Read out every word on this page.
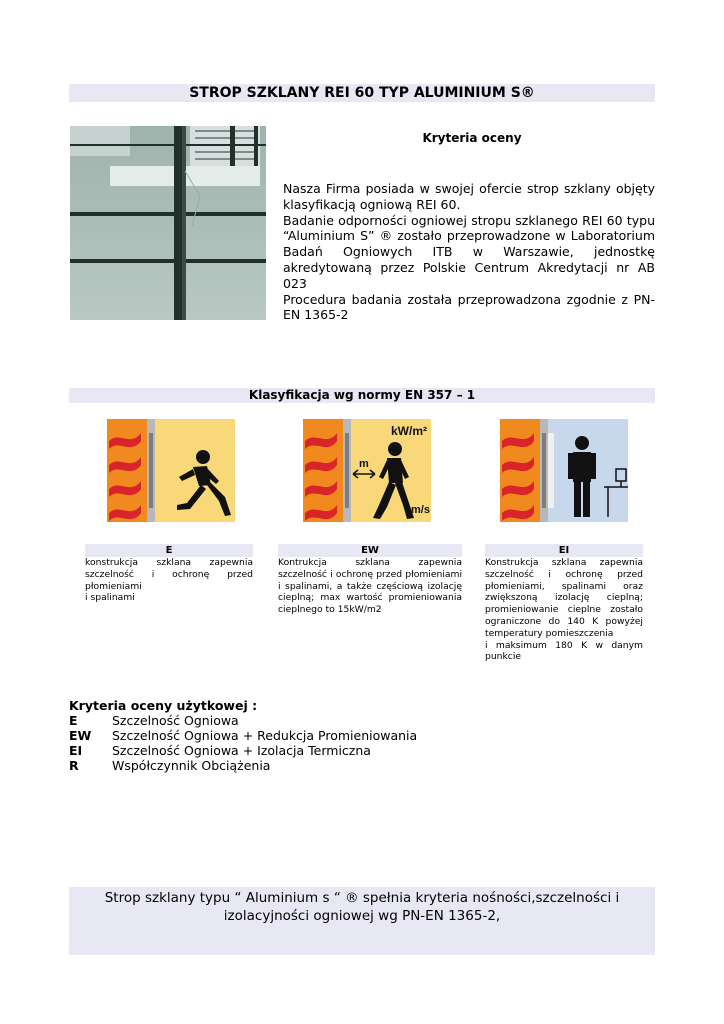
STROP SZKLANY REI 60 TYP ALUMINIUM S®
Kryteria oceny

Nasza Firma posiada w swojej ofercie strop szklany objęty klasyfikacją ogniową REI 60.

Badanie odporności ogniowej stropu szklanego REI 60 typu “Aluminium S” ® zostało przeprowadzone w Laboratorium Badań Ogniowych ITB w Warszawie, jednostkę akredytowaną przez Polskie Centrum Akredytacji nr AB 023

Procedura badania została przeprowadzona zgodnie z PN-EN 1365-2

Klasyfikacja wg normy EN 357 – 1
kW/m²
m
m/s
E
konstrukcja szklana zapewnia szczelność i ochronę przed płomieniami
i spalinami
EW
Kontrukcja szklana zapewnia szczelność i ochronę przed płomieniami i spalinami, a także częściową izolację cieplną; max wartość promieniowania cieplnego to 15kW/m2
EI
Konstrukcja szklana zapewnia szczelność i ochronę przed płomieniami, spalinami oraz zwiększoną izolację cieplną; promieniowanie cieplne zostało ograniczone do 140 K powyżej temperatury pomieszczenia
i maksimum 180 K w danym punkcie
Kryteria oceny użytkowej :
E	Szczelność Ogniowa
EW	Szczelność Ogniowa + Redukcja Promieniowania
EI	Szczelność Ogniowa + Izolacja Termiczna
R	Współczynnik Obciążenia
Strop szklany typu “ Aluminium s “ ® spełnia kryteria nośności,szczelności i
izolacyjności ogniowej wg PN-EN 1365-2,
